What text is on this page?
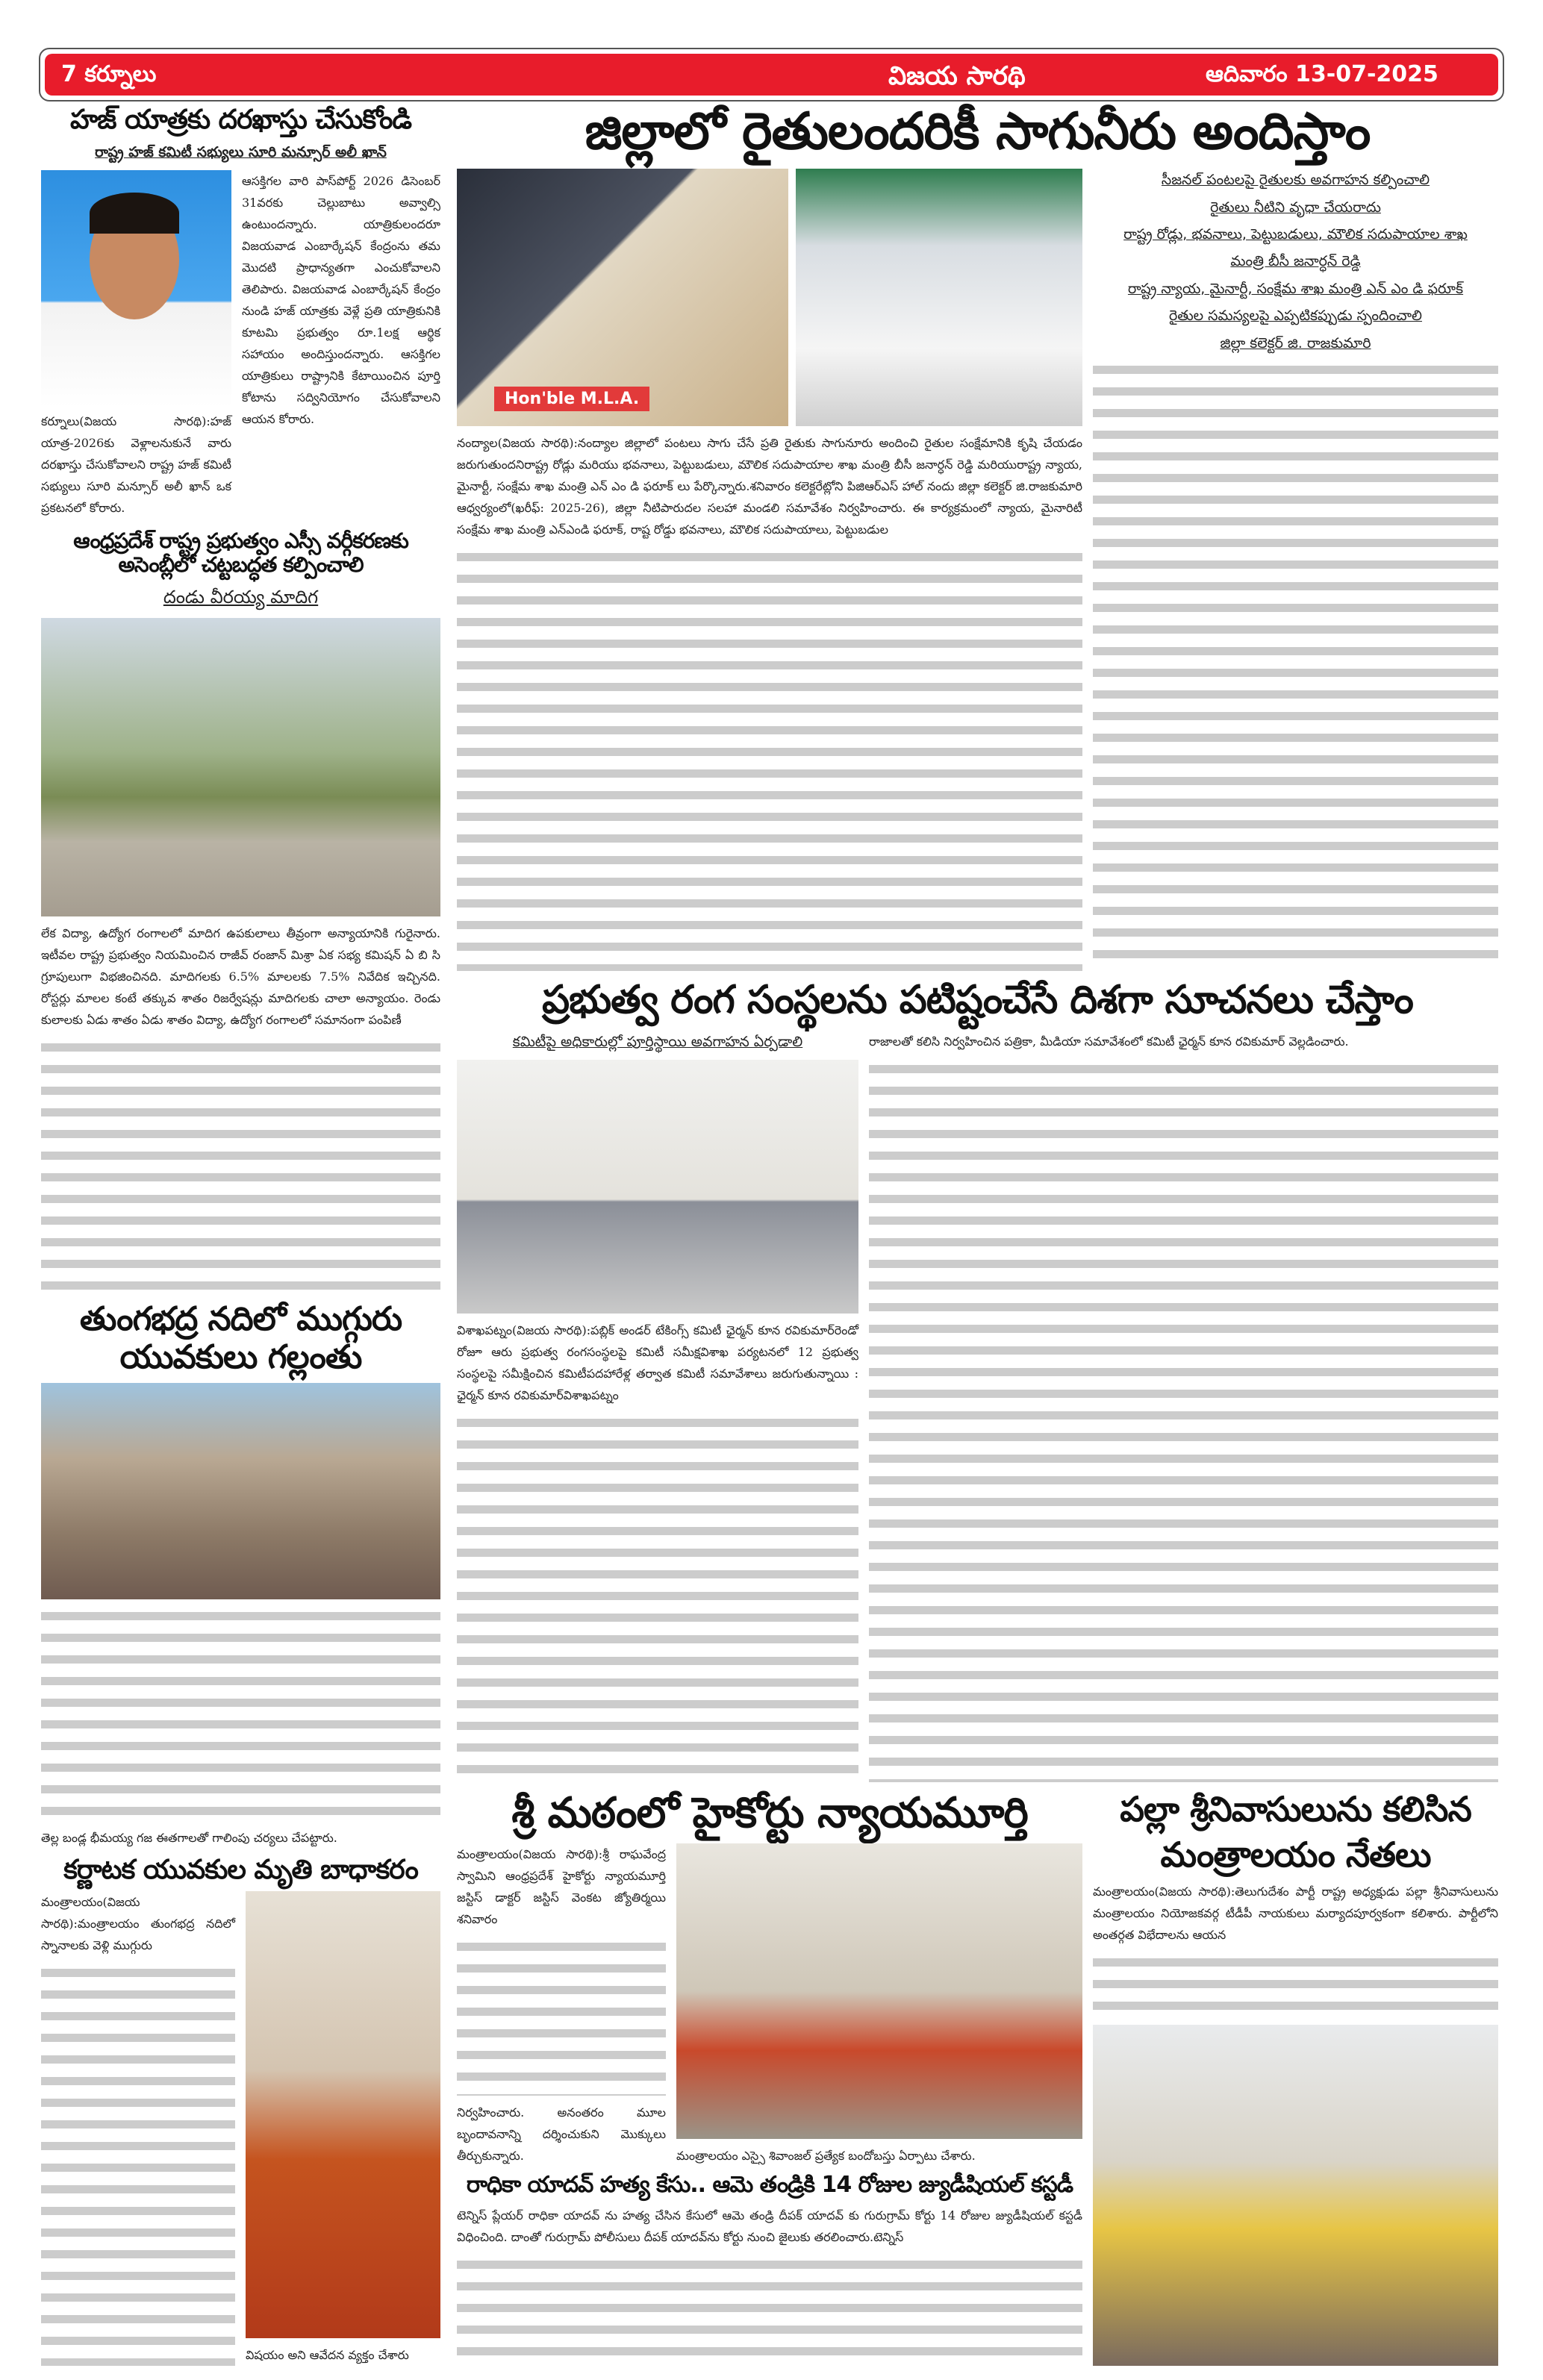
7 కర్నూలు	విజయ సారథి	ఆదివారం 13-07-2025
హజ్ యాత్రకు దరఖాస్తు చేసుకోండి
రాష్ట్ర హజ్ కమిటీ సభ్యులు సూరి మన్సూర్ అలీ ఖాన్
కర్నూలు(విజయ సారథి):హజ్ యాత్ర-2026కు వెళ్లాలనుకునే వారు దరఖాస్తు చేసుకోవాలని రాష్ట్ర హజ్ కమిటీ సభ్యులు సూరి మన్సూర్ అలీ ఖాన్ ఒక ప్రకటనలో కోరారు.
ఆసక్తిగల వారి పాస్‌పోర్ట్ 2026 డిసెంబర్ 31వరకు చెల్లుబాటు అవ్వాల్సి ఉంటుందన్నారు. యాత్రికులందరూ విజయవాడ ఎంబార్కేషన్ కేంద్రంను తమ మొదటి ప్రాధాన్యతగా ఎంచుకోవాలని తెలిపారు. విజయవాడ ఎంబార్కేషన్ కేంద్రం నుండి హజ్ యాత్రకు వెళ్లే ప్రతి యాత్రికునికి కూటమి ప్రభుత్వం రూ.1లక్ష ఆర్థిక సహాయం అందిస్తుందన్నారు. ఆసక్తిగల యాత్రికులు రాష్ట్రానికి కేటాయించిన పూర్తి కోటాను సద్వినియోగం చేసుకోవాలని ఆయన కోరారు.
ఆంధ్రప్రదేశ్ రాష్ట్ర ప్రభుత్వం ఎస్సీ వర్గీకరణకు అసెంబ్లీలో చట్టబద్ధత కల్పించాలి
దండు వీరయ్య మాదిగ
లేక విద్యా, ఉద్యోగ రంగాలలో మాదిగ ఉపకులాలు తీవ్రంగా అన్యాయానికి గురైనారు. ఇటీవల రాష్ట్ర ప్రభుత్వం నియమించిన రాజీవ్ రంజాన్ మిశ్రా ఏక సభ్య కమిషన్ ఏ బి సి గ్రూపులుగా విభజించినది. మాదిగలకు 6.5% మాలలకు 7.5% నివేదిక ఇచ్చినది. రోస్టర్లు మాలల కంటే తక్కువ శాతం రిజర్వేషన్లు మాదిగలకు చాలా అన్యాయం. రెండు కులాలకు ఏడు శాతం ఏడు శాతం విద్యా, ఉద్యోగ రంగాలలో సమానంగా పంపిణీ
తుంగభద్ర నదిలో ముగ్గురు యువకులు గల్లంతు
తెల్ల బండ్ల భీమయ్య గజ ఈతగాలతో గాలింపు చర్యలు చేపట్టారు.
కర్ణాటక యువకుల మృతి బాధాకరం
మంత్రాలయం(విజయ సారథి):మంత్రాలయం తుంగభద్ర నదిలో స్నానాలకు వెళ్లి ముగ్గురు
విషయం అని ఆవేదన వ్యక్తం చేశారు
జిల్లాలో రైతులందరికీ సాగునీరు అందిస్తాం
Hon'ble M.L.A.
నంద్యాల(విజయ సారథి):నంద్యాల జిల్లాలో పంటలు సాగు చేసే ప్రతి రైతుకు సాగునూరు అందించి రైతుల సంక్షేమానికి కృషి చేయడం జరుగుతుందనిరాష్ట్ర రోడ్లు మరియు భవనాలు, పెట్టుబడులు, మౌలిక సదుపాయాల శాఖ మంత్రి బీసీ జనార్ధన్ రెడ్డి మరియురాష్ట్ర న్యాయ, మైనార్టీ, సంక్షేమ శాఖ మంత్రి ఎన్ ఎం డి ఫరూక్ లు పేర్కొన్నారు.శనివారం కలెక్టరేట్లోని పిజిఆర్ఎస్ హాల్ నందు జిల్లా కలెక్టర్ జి.రాజకుమారి ఆధ్వర్యంలో(ఖరీఫ్: 2025-26), జిల్లా నీటిపారుదల సలహా మండలి సమావేశం నిర్వహించారు. ఈ కార్యక్రమంలో న్యాయ, మైనారిటీ సంక్షేమ శాఖ మంత్రి ఎన్ఎండి ఫరూక్, రాష్ట రోడ్డు భవనాలు, మౌలిక సదుపాయాలు, పెట్టుబడుల
సీజనల్ పంటలపై రైతులకు అవగాహన కల్పించాలి
రైతులు నీటిని వృధా చేయరాదు
రాష్ట్ర రోడ్లు, భవనాలు, పెట్టుబడులు, మౌలిక సదుపాయాల శాఖ
మంత్రి బీసీ జనార్ధన్ రెడ్డి
రాష్ట్ర న్యాయ, మైనార్టీ, సంక్షేమ శాఖ మంత్రి ఎన్ ఎం డి ఫరూక్
రైతుల సమస్యలపై ఎప్పటికప్పుడు స్పందించాలి
జిల్లా కలెక్టర్ జి. రాజకుమారి
ప్రభుత్వ రంగ సంస్థలను పటిష్టంచేసే దిశగా సూచనలు చేస్తాం
కమిటీపై అధికారుల్లో పూర్తిస్థాయి అవగాహన ఏర్పడాలి
విశాఖపట్నం(విజయ సారథి):పబ్లిక్ అండర్ టేకింగ్స్ కమిటీ ఛైర్మన్ కూన రవికుమార్‌రెండో రోజూ ఆరు ప్రభుత్వ రంగసంస్థలపై కమిటీ సమీక్షవిశాఖ పర్యటనలో 12 ప్రభుత్వ సంస్థలపై సమీక్షించిన కమిటీపదహారేళ్ల తర్వాత కమిటీ సమావేశాలు జరుగుతున్నాయి : ఛైర్మన్ కూన రవికుమార్‌విశాఖపట్నం
రాజాలతో కలిసి నిర్వహించిన పత్రికా, మీడియా సమావేశంలో కమిటీ ఛైర్మన్ కూన రవికుమార్ వెల్లడించారు.
శ్రీ మఠంలో హైకోర్టు న్యాయమూర్తి
మంత్రాలయం(విజయ సారథి):శ్రీ రాఘవేంద్ర స్వామిని ఆంధ్రప్రదేశ్ హైకోర్టు న్యాయమూర్తి జస్టిస్ డాక్టర్ జస్టిస్ వెంకట జ్యోతిర్మయి శనివారం
నిర్వహించారు. అనంతరం మూల బృందావనాన్ని దర్శించుకుని మొక్కులు తీర్చుకున్నారు.	మంత్రాలయం ఎస్సై శివాంజల్ ప్రత్యేక బందోబస్తు ఏర్పాటు చేశారు.
రాధికా యాదవ్ హత్య కేసు.. ఆమె తండ్రికి 14 రోజుల జ్యుడీషియల్ కస్టడీ
టెన్నిస్ ప్లేయర్ రాధికా యాదవ్ ను హత్య చేసిన కేసులో ఆమె తండ్రి దీపక్ యాదవ్ కు గురుగ్రామ్ కోర్టు 14 రోజుల జ్యుడీషియల్ కస్టడీ విధించింది. దాంతో గురుగ్రామ్ పోలీసులు దీపక్ యాదవ్‌ను కోర్టు నుంచి జైలుకు తరలించారు.టెన్నిస్
పల్లా శ్రీనివాసులును కలిసిన
మంత్రాలయం నేతలు
మంత్రాలయం(విజయ సారథి):తెలుగుదేశం పార్టీ రాష్ట్ర అధ్యక్షుడు పల్లా శ్రీనివాసులును మంత్రాలయం నియోజకవర్గ టీడీపీ నాయకులు మర్యాదపూర్వకంగా కలిశారు. పార్టీలోని అంతర్గత విభేదాలను ఆయన
